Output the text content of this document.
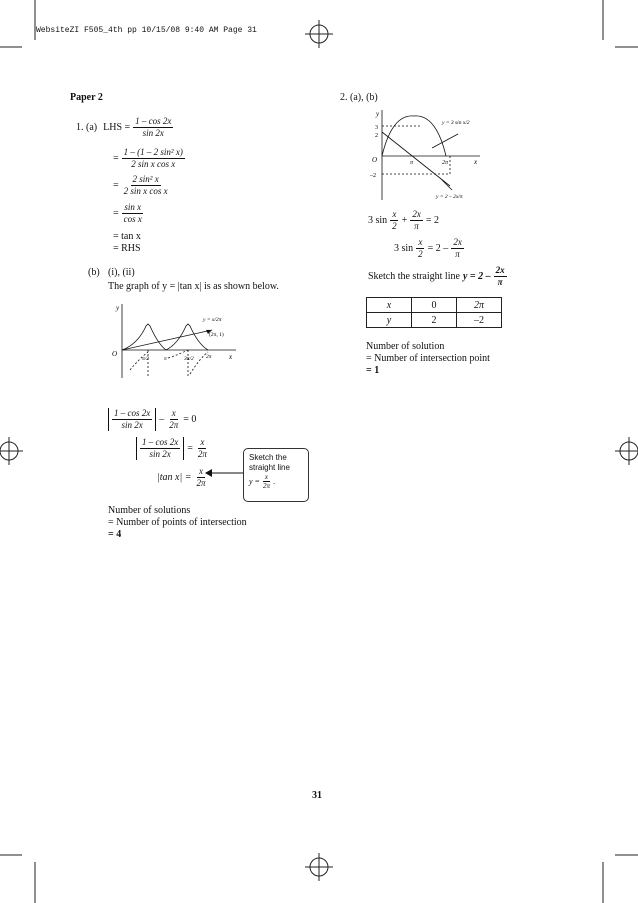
WebsiteZI F505_4th pp 10/15/08 9:40 AM Page 31
Paper 2
1. (a) LHS = $\frac{1 - \cos 2x}{\sin 2x}$
= $\frac{\text{1 – (1 – 2 sin² x)}}{\text{2 sin x cos x}}$
= $\frac{\text{2 sin² x}}{\text{2 sin x cos x}}$
= $\frac{\text{sin x}}{\text{cos x}}$
= tan x
= RHS
(b) (i), (ii)
The graph of y = |tan x| is as shown below.
y
x
O
y = x/2π
(2π, 1)
π/2	π	3π/2 2π
$\frac{1 - \cos 2x}{\sin 2x} - \frac{x}{2\pi} = 0$
$\frac{1 - \cos 2x}{\sin 2x} = \frac{x}{2\pi}$
|tan $x| = \frac{x}{2\pi}$
Sketch the
straight line
$y = \frac{x}{2\pi}$ .
Number of solutions
= Number of points of intersection
= 4
2. (a), (b)
y
x
O
3
2
–2
π	2π
y = 3 sin x/2
y = 2 – 2x/π
3 $\sin \frac{x}{2} + \frac{2x}{\pi} = 2$
3 $\sin \frac{x}{2} = 2 - \frac{2x}{\pi}$
Sketch the straight line $y = 2 - \frac{2x}{\pi}$
x	0	2π
y	2	–2
Number of solution
= Number of intersection point
= 1
31
